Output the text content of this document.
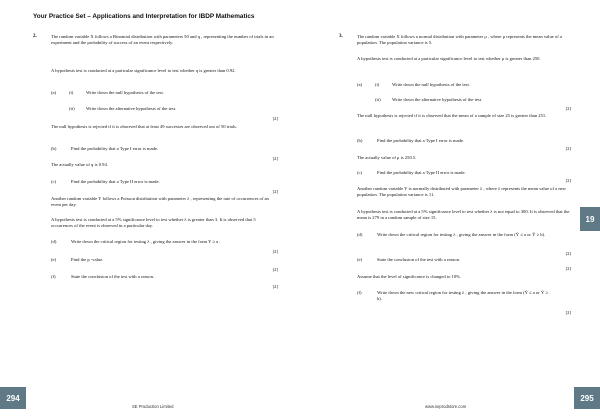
Your Practice Set – Applications and Interpretation for IBDP Mathematics
2.	The random variable X follows a Binomial distribution with parameters 50 and q , representing the number of trials in an experiment and the probability of success of an event respectively.
A hypothesis test is conducted at a particular significance level to test whether q is greater than 0.92.
(a)	(i)	Write down the null hypothesis of the test.
(ii) Write down the alternative hypothesis of the test.
[2]
The null hypothesis is rejected if it is observed that at least 49 successes are observed out of 50 trials.
(b)	Find the probability that a Type I error is made.
[2]
The actually value of q is 0.94.
(c)	Find the probability that a Type II error is made.
[2]
Another random variable Y follows a Poisson distribution with parameter λ , representing the rate of occurrences of an event per day.
A hypothesis test is conducted at a 5% significance level to test whether λ is greater than 3. It is observed that 5 occurrences of the event is observed in a particular day.
(d)	Write down the critical region for testing λ , giving the answer in the form Y ≥ a .
[2]
(e)	Find the p -value.
[2]
(f)	State the conclusion of the test with a reason.
[2]
3.	The random variable X follows a normal distribution with parameter μ , where μ represents the mean value of a population. The population variance is 5.
A hypothesis test is conducted at a particular significance level to test whether μ is greater than 250.
(a)	(i)	Write down the null hypothesis of the test.
(ii) Write down the alternative hypothesis of the test.
[2]
The null hypothesis is rejected if it is observed that the mean of a sample of size 25 is greater than 251.
(b)	Find the probability that a Type I error is made.
[2]
The actually value of μ is 250.5.
(c)	Find the probability that a Type II error is made.
[2]
Another random variable Y is normally distributed with parameter λ , where λ represents the mean value of a new population. The population variance is 11.
A hypothesis test is conducted at a 5% significance level to test whether λ is not equal to 300. It is observed that the mean is 279 in a random sample of size 15.
(d)	Write down the critical region for testing λ , giving the answer in the form (Ȳ ≤ a or Ȳ ≥ b).
[2]
(e)	State the conclusion of the test with a reason.
[2]
Assume that the level of significance is changed to 10%.
(f)	Write down the new critical region for testing λ , giving the answer in the form (Ȳ ≤ a or Ȳ ≥ b).
[2]
19
294	295
SE Production Limited	www.seprodstore.com
